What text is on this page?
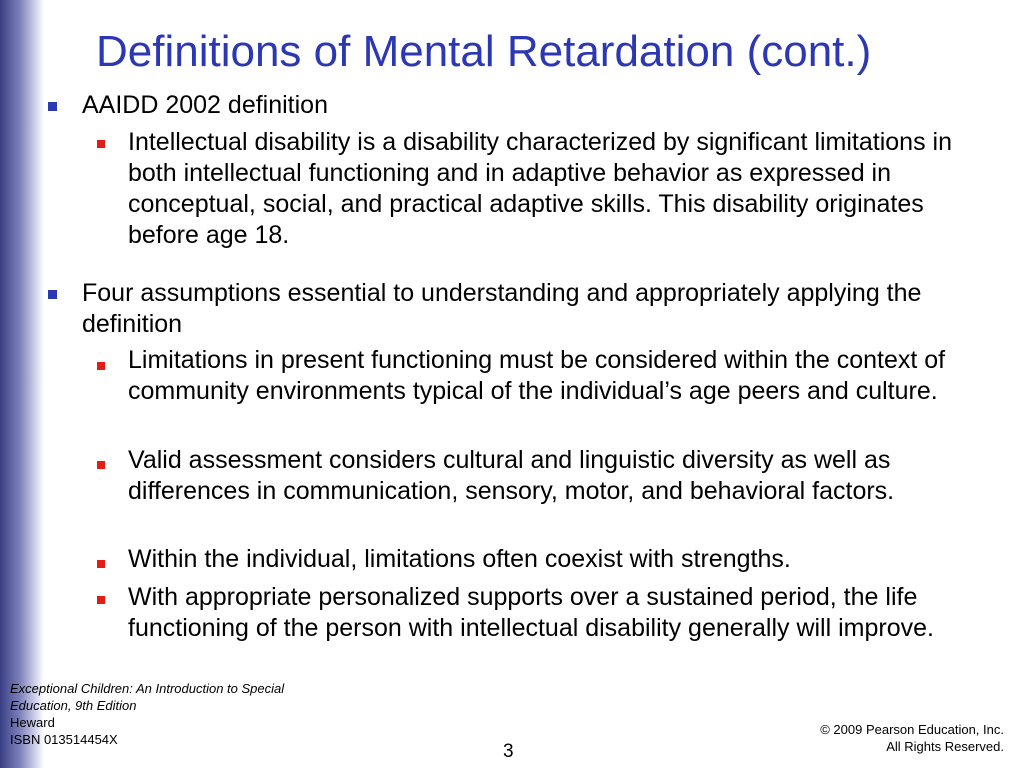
Definitions of Mental Retardation (cont.)
AAIDD 2002 definition
Intellectual disability is a disability characterized by significant limitations in both intellectual functioning and in adaptive behavior as expressed in conceptual, social, and practical adaptive skills. This disability originates before age 18.
Four assumptions essential to understanding and appropriately applying the definition
Limitations in present functioning must be considered within the context of community environments typical of the individual’s age peers and culture.
Valid assessment considers cultural and linguistic diversity as well as differences in communication, sensory, motor, and behavioral factors.
Within the individual, limitations often coexist with strengths.
With appropriate personalized supports over a sustained period, the life functioning of the person with intellectual disability generally will improve.
Exceptional Children: An Introduction to Special
Education, 9th Edition
Heward
ISBN 013514454X
3
© 2009 Pearson Education, Inc.
All Rights Reserved.
